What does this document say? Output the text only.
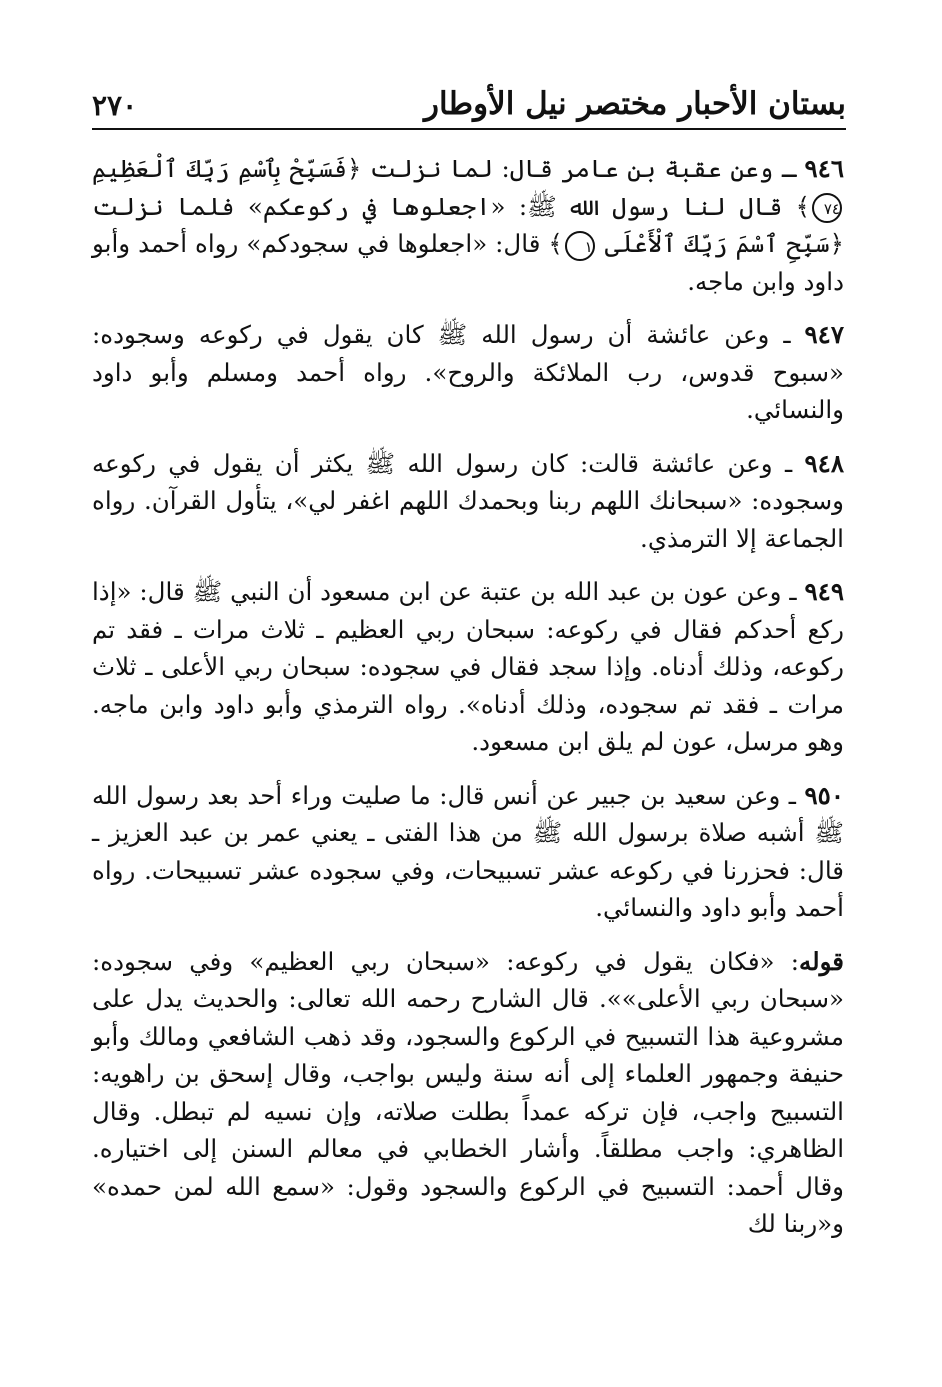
بستان الأحبار مختصر نيل الأوطار
٢٧٠

٩٤٦ ـ وعن عقبة بن عامر قال: لما نزلت ﴿فَسَبِّحْ بِٱسْمِ رَبِّكَ ٱلْعَظِيمِ ٧٤﴾ قال لنا رسول الله ﷺ: «اجعلوها في ركوعكم» فلما نزلت ﴿سَبِّحِ ٱسْمَ رَبِّكَ ٱلْأَعْلَى ١﴾ قال: «اجعلوها في سجودكم» رواه أحمد وأبو داود وابن ماجه.

٩٤٧ ـ وعن عائشة أن رسول الله ﷺ كان يقول في ركوعه وسجوده: «سبوح قدوس، رب الملائكة والروح». رواه أحمد ومسلم وأبو داود والنسائي.

٩٤٨ ـ وعن عائشة قالت: كان رسول الله ﷺ يكثر أن يقول في ركوعه وسجوده: «سبحانك اللهم ربنا وبحمدك اللهم اغفر لي»، يتأول القرآن. رواه الجماعة إلا الترمذي.

٩٤٩ ـ وعن عون بن عبد الله بن عتبة عن ابن مسعود أن النبي ﷺ قال: «إذا ركع أحدكم فقال في ركوعه: سبحان ربي العظيم ـ ثلاث مرات ـ فقد تم ركوعه، وذلك أدناه. وإذا سجد فقال في سجوده: سبحان ربي الأعلى ـ ثلاث مرات ـ فقد تم سجوده، وذلك أدناه». رواه الترمذي وأبو داود وابن ماجه. وهو مرسل، عون لم يلق ابن مسعود.

٩٥٠ ـ وعن سعيد بن جبير عن أنس قال: ما صليت وراء أحد بعد رسول الله ﷺ أشبه صلاة برسول الله ﷺ من هذا الفتى ـ يعني عمر بن عبد العزيز ـ قال: فحزرنا في ركوعه عشر تسبيحات، وفي سجوده عشر تسبيحات. رواه أحمد وأبو داود والنسائي.

قوله: «فكان يقول في ركوعه: «سبحان ربي العظيم» وفي سجوده: «سبحان ربي الأعلى»». قال الشارح رحمه الله تعالى: والحديث يدل على مشروعية هذا التسبيح في الركوع والسجود، وقد ذهب الشافعي ومالك وأبو حنيفة وجمهور العلماء إلى أنه سنة وليس بواجب، وقال إسحق بن راهويه: التسبيح واجب، فإن تركه عمداً بطلت صلاته، وإن نسيه لم تبطل. وقال الظاهري: واجب مطلقاً. وأشار الخطابي في معالم السنن إلى اختياره. وقال أحمد: التسبيح في الركوع والسجود وقول: «سمع الله لمن حمده» و«ربنا لك
